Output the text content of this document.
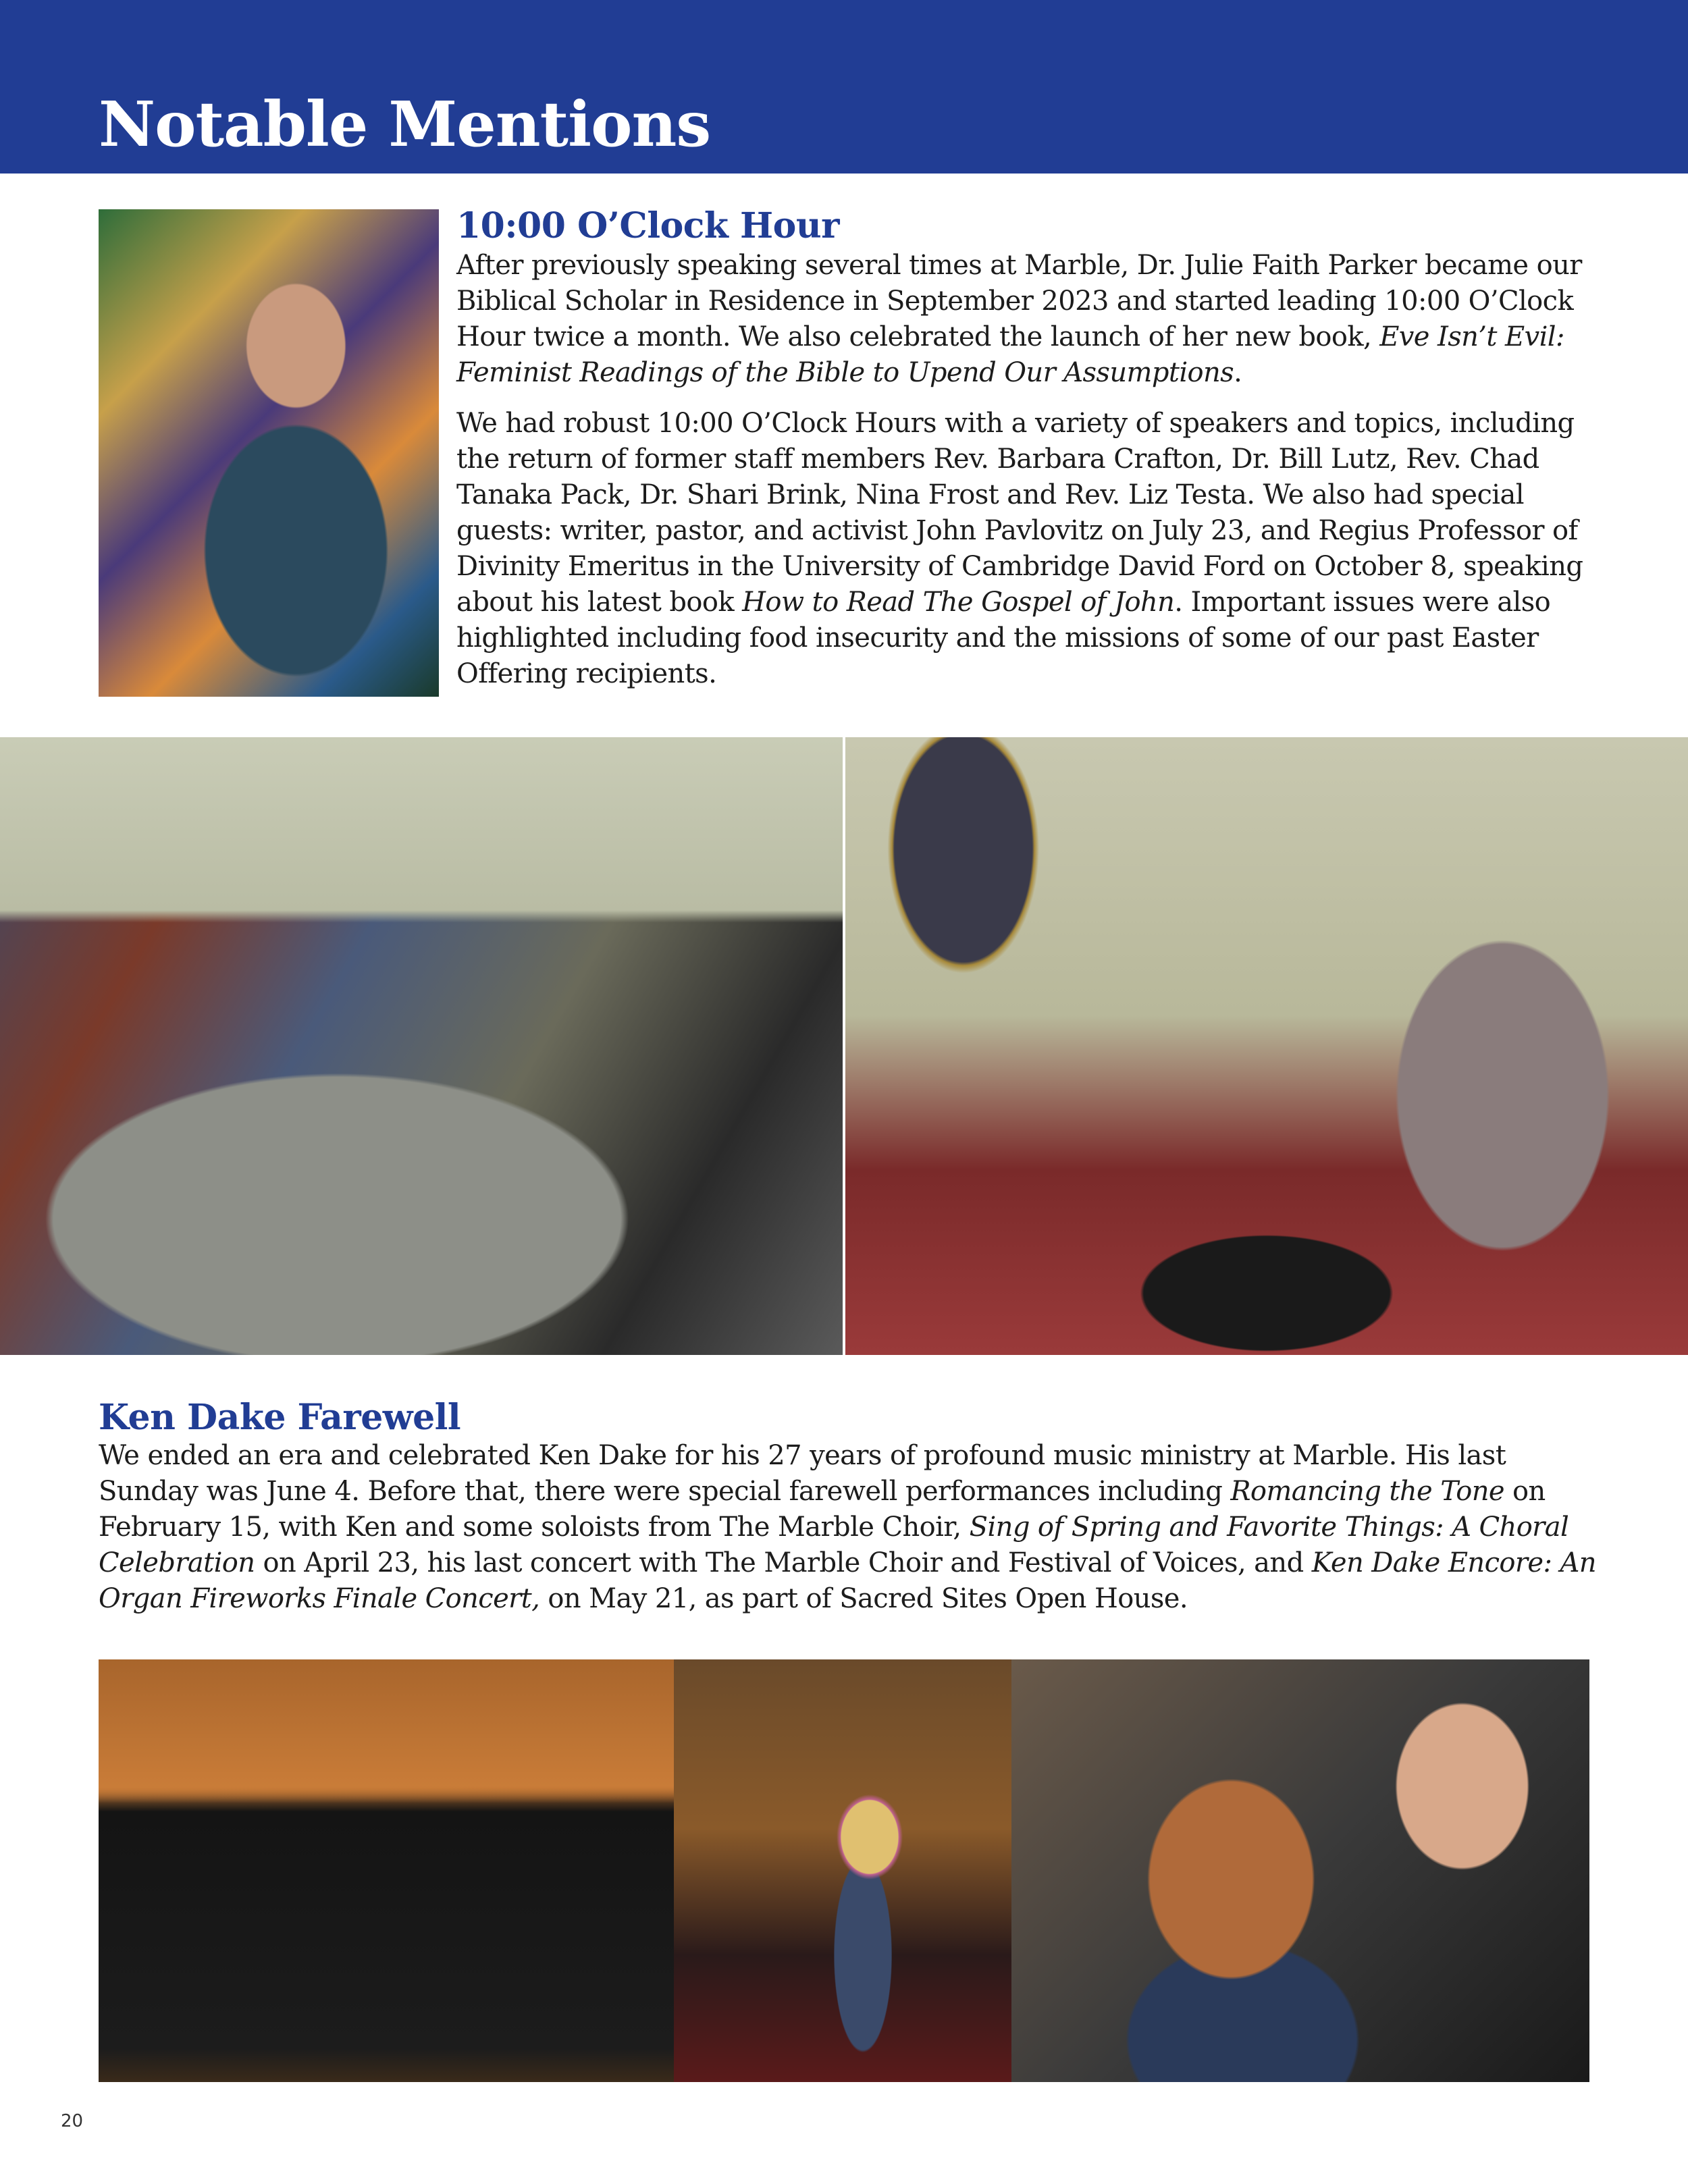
Notable Mentions
10:00 O’Clock Hour

After previously speaking several times at Marble, Dr. Julie Faith Parker became our Biblical Scholar in Residence in September 2023 and started leading 10:00 O’Clock Hour twice a month. We also celebrated the launch of her new book, Eve Isn’t Evil: Feminist Readings of the Bible to Upend Our Assumptions.

We had robust 10:00 O’Clock Hours with a variety of speakers and topics, including the return of former staff members Rev. Barbara Crafton, Dr. Bill Lutz, Rev. Chad Tanaka Pack, Dr. Shari Brink, Nina Frost and Rev. Liz Testa. We also had special guests: writer, pastor, and activist John Pavlovitz on July 23, and Regius Professor of Divinity Emeritus in the University of Cambridge David Ford on October 8, speaking about his latest book How to Read The Gospel of John. Important issues were also highlighted including food insecurity and the missions of some of our past Easter Offering recipients.

Ken Dake Farewell

We ended an era and celebrated Ken Dake for his 27 years of profound music ministry at Marble. His last Sunday was June 4. Before that, there were special farewell performances including Romancing the Tone on February 15, with Ken and some soloists from The Marble Choir, Sing of Spring and Favorite Things: A Choral Celebration on April 23, his last concert with The Marble Choir and Festival of Voices, and Ken Dake Encore: An Organ Fireworks Finale Concert, on May 21, as part of Sacred Sites Open House.

20
